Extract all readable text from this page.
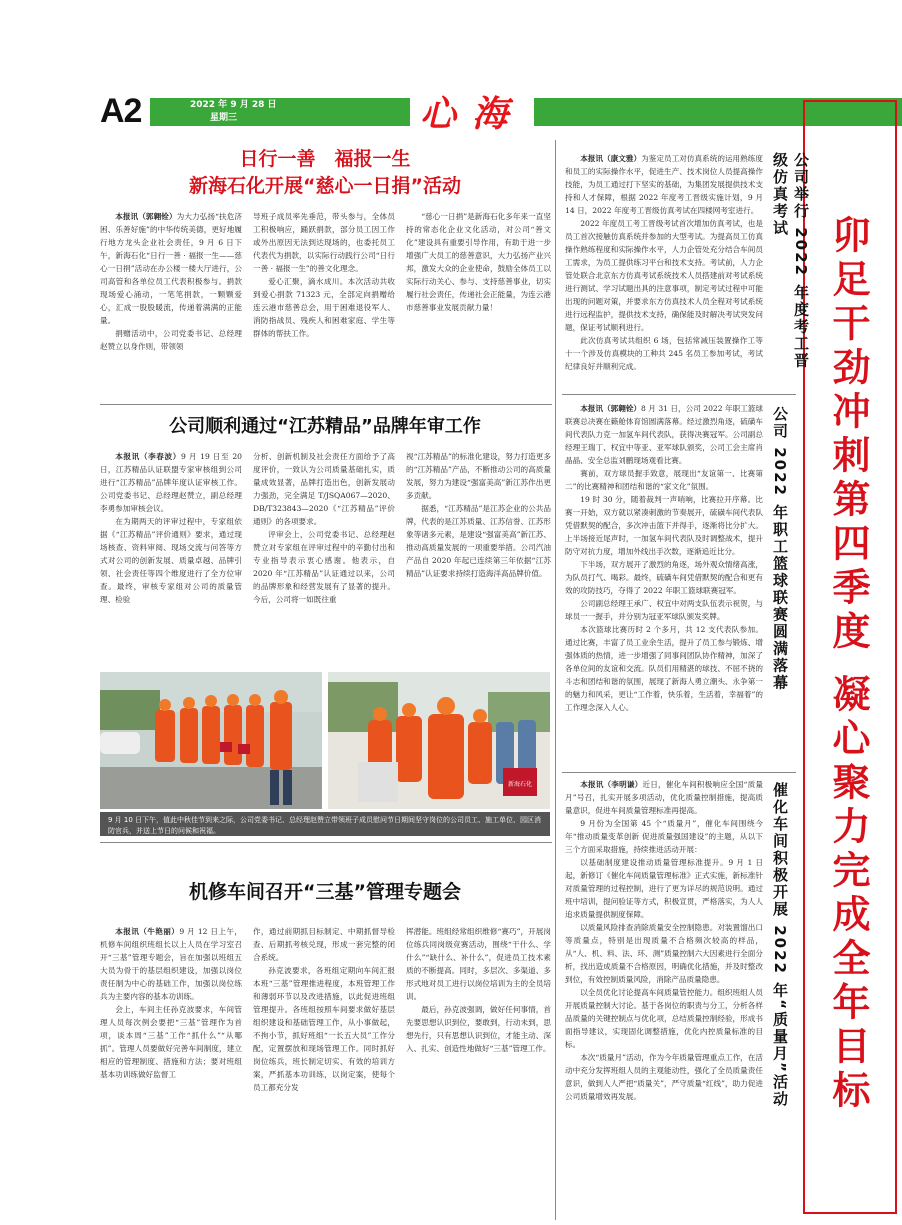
A2	2022 年 9 月 28 日
星期三	心海
卯足干劲冲刺第四季度 凝心聚力完成全年目标
日行一善　福报一生
新海石化开展“慈心一日捐”活动

本报讯（郭翱铨）为大力弘扬“扶危济困、乐善好施”的中华传统美德，更好地履行地方龙头企业社会责任，9 月 6 日下午，新海石化“日行一善 · 福报一生——慈心一日捐”活动在办公楼一楼大厅进行，公司高管和各单位员工代表积极参与。捐款现场爱心涌动，一笔笔捐款，一颗颗爱心，汇成一股股暖流，传递着满满的正能量。

捐赠活动中，公司党委书记、总经理赵赞立以身作则，带领领

导班子成员率先垂范，带头参与，全体员工积极响应，踊跃捐款，部分员工因工作或外出原因无法到达现场的，也委托员工代表代为捐款，以实际行动践行公司“日行一善 · 福报一生”的善文化理念。

爱心汇聚，滴水成川。本次活动共收到爱心捐款 71323 元，全部定向捐赠给连云港市慈善总会，用于困难退役军人、消防指战员、残疾人和困难家庭、学生等群体的帮扶工作。

“慈心一日捐”是新海石化多年来一直坚持的常态化企业文化活动，对公司“善文化”建设具有重要引导作用，有助于进一步增强广大员工的慈善意识，大力弘扬产业兴邦，激发大众的企业使命，鼓励全体员工以实际行动关心、参与、支持慈善事业，切实履行社会责任，传递社会正能量，为连云港市慈善事业发展贡献力量！

公司顺利通过“江苏精品”品牌年审工作

本报讯（李春波）9 月 19 日至 20 日，江苏精品认证联盟专家审核组到公司进行“江苏精品”品牌年度认证审核工作。公司党委书记、总经理赵赞立，副总经理李勇参加审核会议。

在为期两天的评审过程中，专家组依据《“江苏精品”评价通则》要求，通过现场核查、资料审阅、现场交流与问答等方式对公司的创新发展、质量卓越、品牌引领、社会责任等四个维度进行了全方位审查。最终，审核专家组对公司的质量管理、检验

分析、创新机制及社会责任方面给予了高度评价，一致认为公司质量基础扎实，质量成效显著，品牌打造出色，创新发展动力强劲，完全满足 T/JSQA067—2020、DB/T323843—2020《“江苏精品”评价通则》的各项要求。

评审会上，公司党委书记、总经理赵赞立对专家组在评审过程中的辛勤付出和专业指导表示衷心感谢。他表示，自 2020 年“江苏精品”认证通过以来，公司的品牌形象和经营发展有了显著的提升。今后，公司将一如既往重

视“江苏精品”的标准化建设，努力打造更多的“江苏精品”产品，不断推动公司的高质量发展，努力为建设“强富美高”新江苏作出更多贡献。

据悉，“江苏精品”是江苏企业的公共品牌，代表的是江苏质量、江苏信誉、江苏形象等诸多元素，是建设“强富美高”新江苏、推动高质量发展的一项重要举措。公司汽油产品自 2020 年起已连续第三年依据“江苏精品”认证要求持续打造海洋高品牌价值。

新海石化
9 月 10 日下午，值此中秋佳节到来之际，公司党委书记、总经理赵赞立带领班子成员慰问节日期间坚守岗位的公司员工、施工单位、园区消防官兵，并送上节日的问候和祝福。
机修车间召开“三基”管理专题会

本报讯（牛艳丽）9 月 12 日上午，机修车间组织班组长以上人员在学习室召开“三基”管理专题会，旨在加强以班组五大员为骨干的基层组织建设，加强以岗位责任制为中心的基础工作，加强以岗位练兵为主要内容的基本功训练。

会上，车间主任孙克波要求，车间管理人员每次例会要把“三基”管理作为首项，谈本周“三基”工作“抓什么”“从哪抓”。管理人员要做好完善车间制度，建立相应的管理制度、措施和方法；要对班组基本功训练做好监督工

作，通过前期抓目标制定、中期抓督导检查、后期抓考核兑现，形成一套完整的闭合系统。

孙克波要求，各班组定期向车间汇报本班“三基”管理推进程度，本班管理工作和薄弱环节以及改进措施，以此促进班组管理提升。各班组按照车间要求做好基层组织建设和基础管理工作，从小事做起，不拘小节，抓好班组“一长五大员”工作分配，定置摆放和现场管理工作。同时抓好岗位练兵，班长制定切实、有效的培训方案，严抓基本功训练，以岗定案，使每个员工都充分发

挥潜能。班组经常组织维修“赛巧”，开展岗位练兵同岗级竞赛活动，围绕“干什么、学什么”“缺什么、补什么”，促进员工技术素质的不断提高。同时，多层次、多渠道、多形式地对员工进行以岗位培训为主的全员培训。

最后，孙克波强调，做好任何事情，首先要思想认识到位，要敢到，行动未到，思想先行，只有思想认识到位，才能主动、深入、扎实、创造性地做好“三基”管理工作。

公司举行 2022 年度考工晋级仿真考试

本报讯（康文雅）为鉴定员工对仿真系统的运用熟练度和员工的实际操作水平，促进生产、技术岗位人员提高操作技能，为员工通过打下坚实的基础，为集团发展提供技术支持和人才保障，根据 2022 年度考工晋级实施计划，9 月 14 日，2022 年度考工晋级仿真考试在四楼网考室进行。

2022 年度员工考工晋级考试首次增加仿真考试，也是员工首次接触仿真系统并参加的大型考试。为提高员工仿真操作熟练程度和实际操作水平，人力企管处充分结合车间员工需求，为员工提供练习平台和技术支持。考试前，人力企管处联合北京东方仿真考试系统技术人员搭建前对考试系统进行测试、学习试题出具的注意事项，制定考试过程中可能出现的问题对策，并要求东方仿真技术人员全程对考试系统进行远程监护，提供技术支持，确保能及时解决考试突发问题，保证考试顺利进行。

此次仿真考试共组织 6 场，包括常减压装置操作工等十一个涉及仿真模块的工种共 245 名员工参加考试，考试纪律良好并顺利完成。

公司 2022 年职工篮球联赛圆满落幕

本报讯（郭翱铨）8 月 31 日，公司 2022 年职工篮球联赛总决赛在籁舱体育馆圆满落幕。经过激烈角逐，硫磺车间代表队力克一加氢车间代表队，获得决赛冠军。公司副总经理王瑞丁、权宜中等亚、亚军球队颁奖，公司工会主席肖晶晶、安全总监刘鹏现场观看比赛。

赛前，双方球员握手致意，展现出“友谊第一、比赛第二”的比赛精神和团结和谐的“家文化”氛围。

19 时 30 分，随着裁判一声哨响，比赛拉开序幕。比赛一开始，双方就以紧凑刺激的节奏展开，硫磺车间代表队凭借默契的配合，多次冲击篮下并得手，逐渐将比分扩大。上半场接近尾声时，一加氢车间代表队及时调整战术，提升防守对抗力度，增加外线出手次数，逐渐追近比分。

下半场，双方展开了激烈的角逐，场外观众情绪高涨，为队员打气、喝彩。最终，硫磺车间凭借默契的配合和更有效的攻防技巧，夺得了 2022 年职工篮球联赛冠军。

公司副总经理王承广、权宜中对两支队伍表示祝贺，与球员一一握手，并分别为冠亚军球队颁发奖牌。

本次篮球比赛历时 2 个多月，共 12 支代表队参加。通过比赛，丰富了员工业余生活，提升了员工参与锻炼、增强体质的热情，进一步增强了同事间团队协作精神，加深了各单位间的友谊和交流。队员们用精湛的球技、不屈不挠的斗志和团结和谐的氛围，展现了新海人勇立潮头、永争第一的魅力和风采，更让“工作着，快乐着，生活着，幸福着”的工作理念深入人心。

催化车间积极开展 2022 年“质量月”活动

本报讯（李明谦）近日，催化车间积极响应全国“质量月”号召，扎实开展多项活动，优化质量控制措施，提高质量意识，促进车间质量管理标准再提高。

9 月份为全国第 45 个“质量月”，催化车间围绕今年“推动质量变革创新 促进质量强国建设”的主题，从以下三个方面采取措施，持续推进活动开展：

以基础制度建设推动质量管理标准提升。9 月 1 日起，新修订《催化车间质量管理标准》正式实施，新标准针对质量管理的过程控制，进行了更为详尽的规范说明。通过班中培训，提问验证等方式，积极宣贯，严格落实，为人人追求质量提供制度保障。

以质量风险排查消除质量安全控制隐患。对装置馏出口等质量点，特别是出现质量不合格频次较高的样品，从“人、机、料、法、环、测”质量控制六大因素进行全面分析，找出造成质量不合格原因，明确优化措施，并及时整改到位，有效控制质量风险，消除产品质量隐患。

以全员优化讨论提高车间质量管控能力。组织班组人员开展质量控制大讨论。基于各岗位的职责与分工，分析各样品质量的关键控制点与优化项，总结质量控制经验，形成书面指导建议，实现固化调整措施，优化内控质量标准的目标。

本次“质量月”活动，作为今年质量管理重点工作，在活动中充分发挥班组人员的主观能动性，强化了全员质量责任意识，做到人人严把“质量关”，严守质量“红线”，助力促进公司质量增效再发展。
